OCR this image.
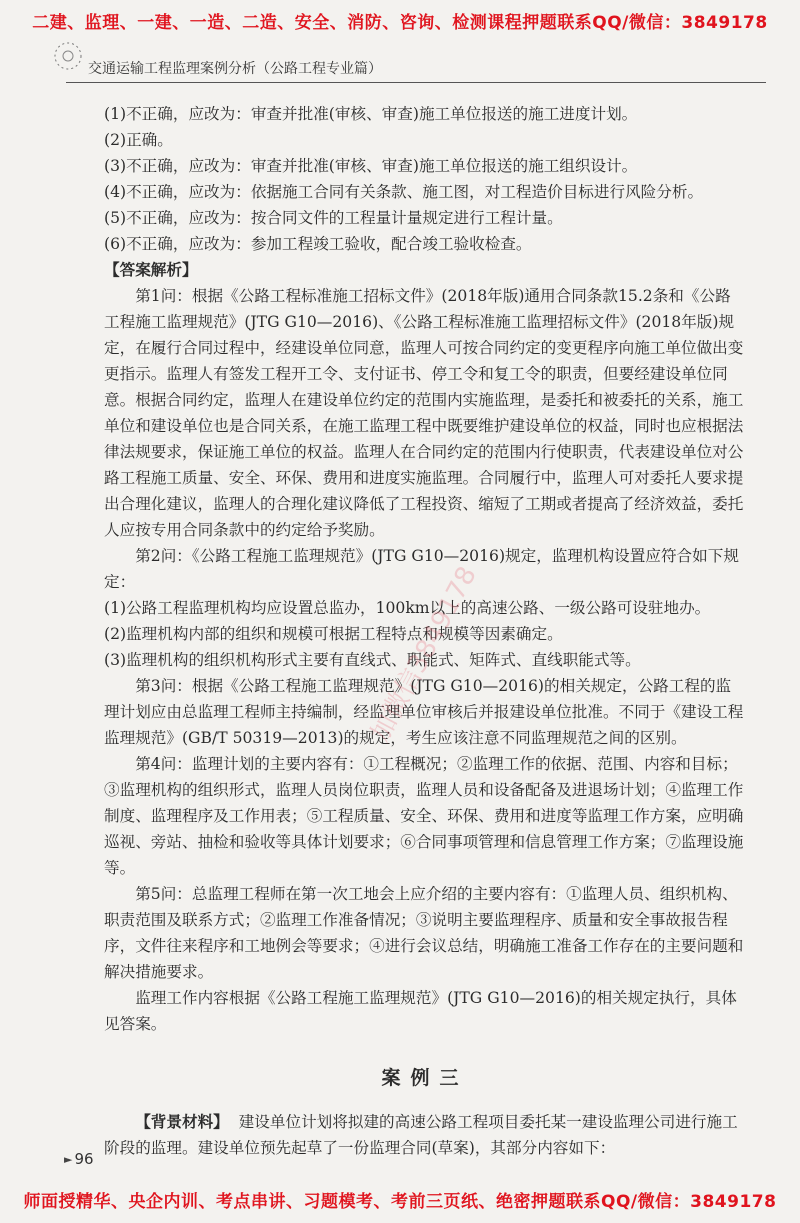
二建、监理、一建、一造、二造、安全、消防、咨询、检测课程押题联系QQ/微信：3849178
交通运输工程监理案例分析（公路工程专业篇）

(1)不正确，应改为：审查并批准(审核、审查)施工单位报送的施工进度计划。

(2)正确。

(3)不正确，应改为：审查并批准(审核、审查)施工单位报送的施工组织设计。

(4)不正确，应改为：依据施工合同有关条款、施工图，对工程造价目标进行风险分析。

(5)不正确，应改为：按合同文件的工程量计量规定进行工程计量。

(6)不正确，应改为：参加工程竣工验收，配合竣工验收检查。

【答案解析】

第1问：根据《公路工程标准施工招标文件》(2018年版)通用合同条款15.2条和《公路工程施工监理规范》(JTG G10—2016)、《公路工程标准施工监理招标文件》(2018年版)规定，在履行合同过程中，经建设单位同意，监理人可按合同约定的变更程序向施工单位做出变更指示。监理人有签发工程开工令、支付证书、停工令和复工令的职责，但要经建设单位同意。根据合同约定，监理人在建设单位约定的范围内实施监理，是委托和被委托的关系，施工单位和建设单位也是合同关系，在施工监理工程中既要维护建设单位的权益，同时也应根据法律法规要求，保证施工单位的权益。监理人在合同约定的范围内行使职责，代表建设单位对公路工程施工质量、安全、环保、费用和进度实施监理。合同履行中，监理人可对委托人要求提出合理化建议，监理人的合理化建议降低了工程投资、缩短了工期或者提高了经济效益，委托人应按专用合同条款中的约定给予奖励。

第2问：《公路工程施工监理规范》(JTG G10—2016)规定，监理机构设置应符合如下规定：

(1)公路工程监理机构均应设置总监办，100km以上的高速公路、一级公路可设驻地办。

(2)监理机构内部的组织和规模可根据工程特点和规模等因素确定。

(3)监理机构的组织机构形式主要有直线式、职能式、矩阵式、直线职能式等。

第3问：根据《公路工程施工监理规范》(JTG G10—2016)的相关规定，公路工程的监理计划应由总监理工程师主持编制，经监理单位审核后并报建设单位批准。不同于《建设工程监理规范》(GB/T 50319—2013)的规定，考生应该注意不同监理规范之间的区别。

第4问：监理计划的主要内容有：①工程概况；②监理工作的依据、范围、内容和目标；③监理机构的组织形式，监理人员岗位职责，监理人员和设备配备及进退场计划；④监理工作制度、监理程序及工作用表；⑤工程质量、安全、环保、费用和进度等监理工作方案，应明确巡视、旁站、抽检和验收等具体计划要求；⑥合同事项管理和信息管理工作方案；⑦监理设施等。

第5问：总监理工程师在第一次工地会上应介绍的主要内容有：①监理人员、组织机构、职责范围及联系方式；②监理工作准备情况；③说明主要监理程序、质量和安全事故报告程序，文件往来程序和工地例会等要求；④进行会议总结，明确施工准备工作存在的主要问题和解决措施要求。

监理工作内容根据《公路工程施工监理规范》(JTG G10—2016)的相关规定执行，具体见答案。

案例三

【背景材料】 建设单位计划将拟建的高速公路工程项目委托某一建设监理公司进行施工阶段的监理。建设单位预先起草了一份监理合同(草案)，其部分内容如下：

► 96
加微信3849178
师面授精华、央企内训、考点串讲、习题模考、考前三页纸、绝密押题联系QQ/微信：3849178
